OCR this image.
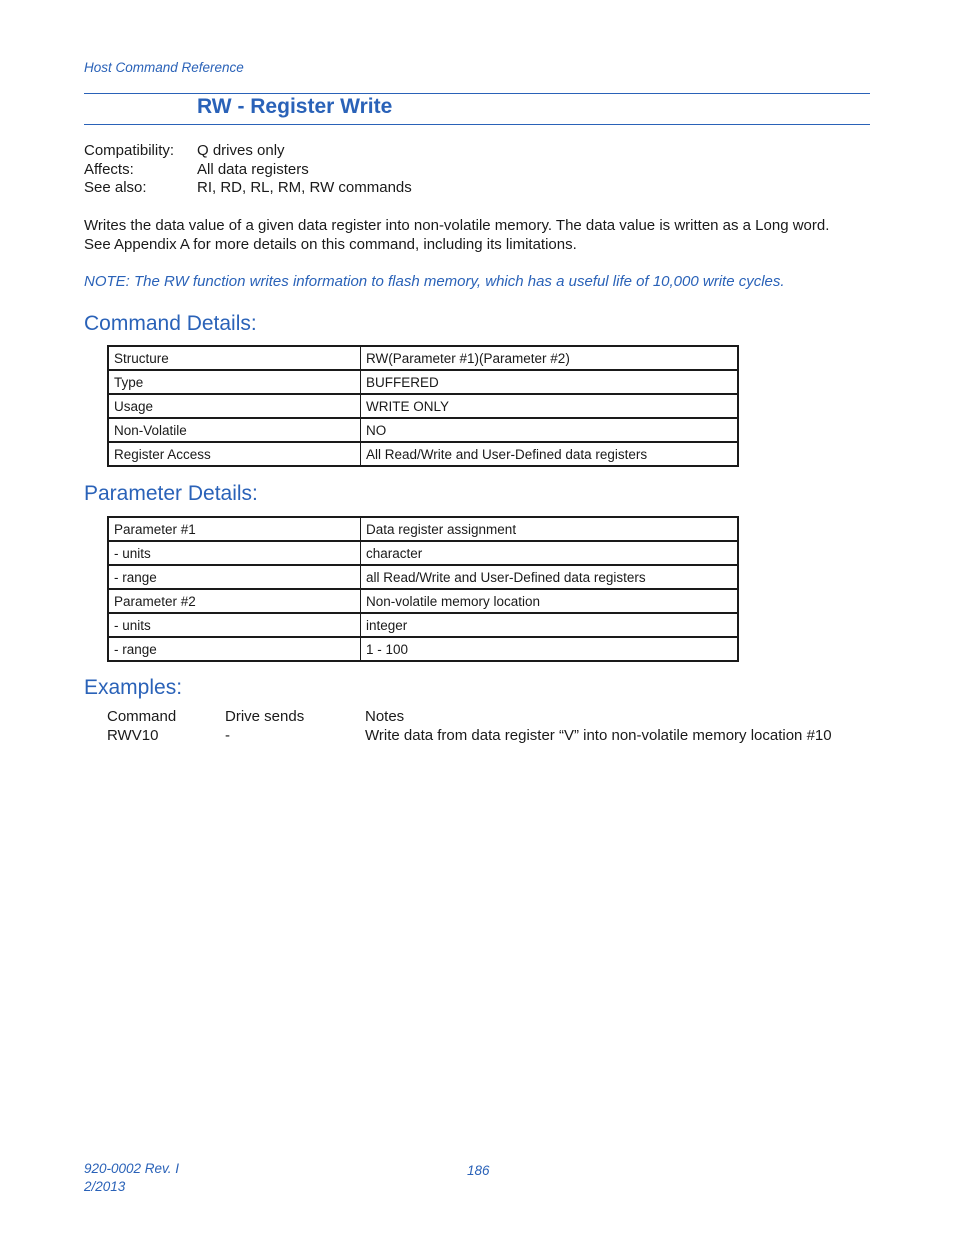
Host Command Reference
RW - Register Write
Compatibility:	Q drives only
Affects:	All data registers
See also:	RI, RD, RL, RM, RW commands
Writes the data value of a given data register into non-volatile memory. The data value is written as a Long word.
See Appendix A for more details on this command, including its limitations.
NOTE: The RW function writes information to flash memory, which has a useful life of 10,000 write cycles.
Command Details:
Structure	RW(Parameter #1)(Parameter #2)
Type	BUFFERED
Usage	WRITE ONLY
Non-Volatile	NO
Register Access	All Read/Write and User-Defined data registers
Parameter Details:
Parameter #1	Data register assignment
- units	character
- range	all Read/Write and User-Defined data registers
Parameter #2	Non-volatile memory location
- units	integer
- range	1 - 100
Examples:
Command	Drive sends	Notes
RWV10	-	Write data from data register “V” into non-volatile memory location #10
920-0002 Rev. I
2/2013
186
